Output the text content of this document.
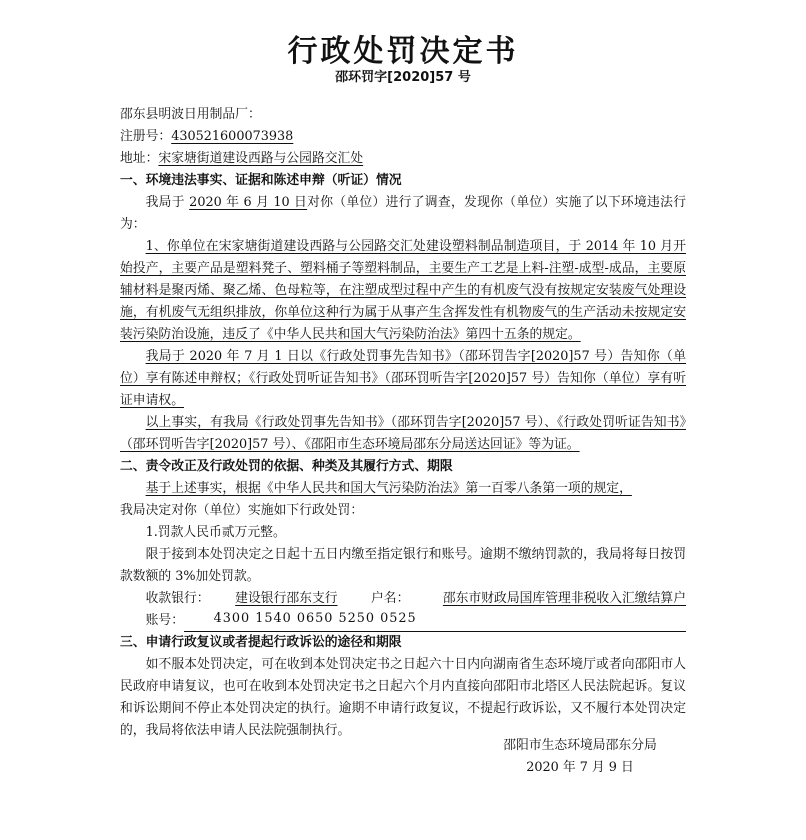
行政处罚决定书
邵环罚字[2020]57 号

邵东县明波日用制品厂：

注册号：430521600073938

地址：宋家塘街道建设西路与公园路交汇处

一、环境违法事实、证据和陈述申辩（听证）情况

我局于 2020 年 6 月 10 日对你（单位）进行了调查，发现你（单位）实施了以下环境违法行为：

1、你单位在宋家塘街道建设西路与公园路交汇处建设塑料制品制造项目，于 2014 年 10 月开始投产，主要产品是塑料凳子、塑料桶子等塑料制品，主要生产工艺是上料-注塑-成型-成品，主要原辅材料是聚丙烯、聚乙烯、色母粒等，在注塑成型过程中产生的有机废气没有按规定安装废气处理设施，有机废气无组织排放，你单位这种行为属于从事产生含挥发性有机物废气的生产活动未按规定安装污染防治设施，违反了《中华人民共和国大气污染防治法》第四十五条的规定。

我局于 2020 年 7 月 1 日以《行政处罚事先告知书》（邵环罚告字[2020]57 号）告知你（单位）享有陈述申辩权；《行政处罚听证告知书》（邵环罚听告字[2020]57 号）告知你（单位）享有听证申请权。

以上事实，有我局《行政处罚事先告知书》（邵环罚告字[2020]57 号）、《行政处罚听证告知书》（邵环罚听告字[2020]57 号）、《邵阳市生态环境局邵东分局送达回证》等为证。

二、责令改正及行政处罚的依据、种类及其履行方式、期限

基于上述事实，根据《中华人民共和国大气污染防治法》第一百零八条第一项的规定，

我局决定对你（单位）实施如下行政处罚：

1.罚款人民币贰万元整。

限于接到本处罚决定之日起十五日内缴至指定银行和账号。逾期不缴纳罚款的，我局将每日按罚款数额的 3%加处罚款。

收款银行：	建设银行邵东支行	户名：	邵东市财政局国库管理非税收入汇缴结算户

账号：	4300 1540 0650 5250 0525

三、申请行政复议或者提起行政诉讼的途径和期限

如不服本处罚决定，可在收到本处罚决定书之日起六十日内向湖南省生态环境厅或者向邵阳市人民政府申请复议，也可在收到本处罚决定书之日起六个月内直接向邵阳市北塔区人民法院起诉。复议和诉讼期间不停止本处罚决定的执行。逾期不申请行政复议，不提起行政诉讼，又不履行本处罚决定的，我局将依法申请人民法院强制执行。

邵阳市生态环境局邵东分局

2020 年 7 月 9 日
